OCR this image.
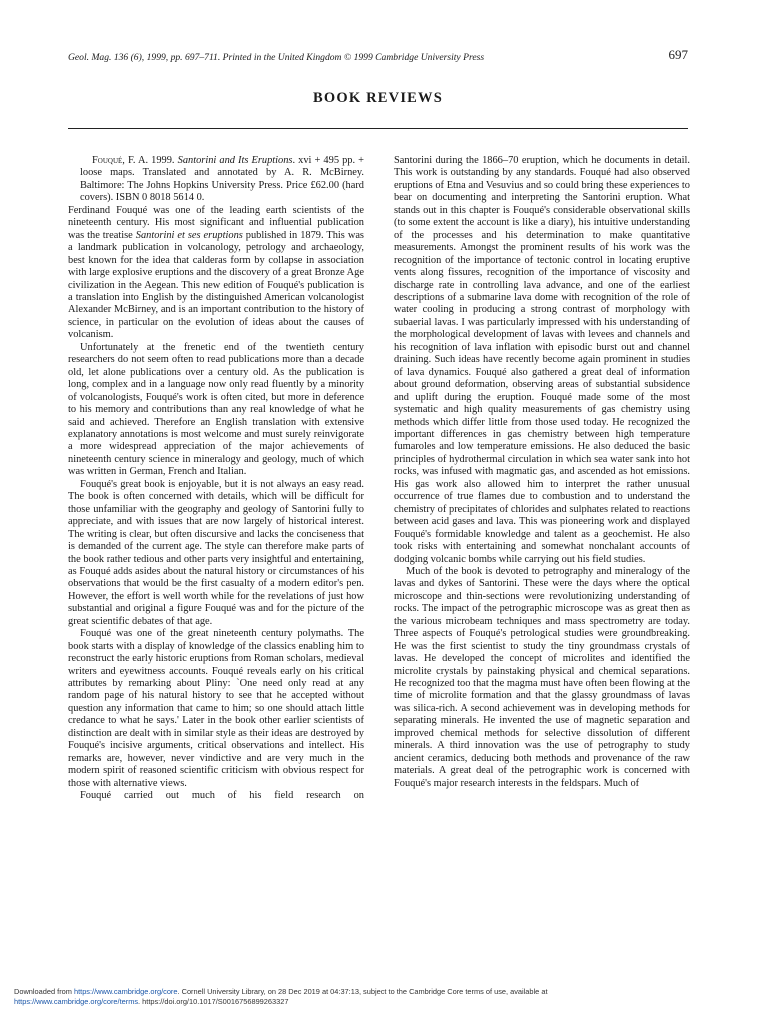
Geol. Mag. 136 (6), 1999, pp. 697–711. Printed in the United Kingdom © 1999 Cambridge University Press	697
BOOK REVIEWS

Fouqué, F. A. 1999. Santorini and Its Eruptions. xvi + 495 pp. + loose maps. Translated and annotated by A. R. McBirney. Baltimore: The Johns Hopkins University Press. Price £62.00 (hard covers). ISBN 0 8018 5614 0.

Ferdinand Fouqué was one of the leading earth scientists of the nineteenth century. His most significant and influential publication was the treatise Santorini et ses eruptions published in 1879. This was a landmark publication in volcanology, petrology and archaeology, best known for the idea that calderas form by collapse in association with large explosive eruptions and the discovery of a great Bronze Age civilization in the Aegean. This new edition of Fouqué's publication is a translation into English by the distinguished American volcanologist Alexander McBirney, and is an important contribution to the history of science, in particular on the evolution of ideas about the causes of volcanism.

Unfortunately at the frenetic end of the twentieth century researchers do not seem often to read publications more than a decade old, let alone publications over a century old. As the publication is long, complex and in a language now only read fluently by a minority of volcanologists, Fouqué's work is often cited, but more in deference to his memory and contributions than any real knowledge of what he said and achieved. Therefore an English translation with extensive explanatory annotations is most welcome and must surely reinvigorate a more widespread appreciation of the major achievements of nineteenth century science in mineralogy and geology, much of which was written in German, French and Italian.

Fouqué's great book is enjoyable, but it is not always an easy read. The book is often concerned with details, which will be difficult for those unfamiliar with the geography and geology of Santorini fully to appreciate, and with issues that are now largely of historical interest. The writing is clear, but often discursive and lacks the conciseness that is demanded of the current age. The style can therefore make parts of the book rather tedious and other parts very insightful and entertaining, as Fouqué adds asides about the natural history or circumstances of his observations that would be the first casualty of a modern editor's pen. However, the effort is well worth while for the revelations of just how substantial and original a figure Fouqué was and for the picture of the great scientific debates of that age.

Fouqué was one of the great nineteenth century polymaths. The book starts with a display of knowledge of the classics enabling him to reconstruct the early historic eruptions from Roman scholars, medieval writers and eyewitness accounts. Fouqué reveals early on his critical attributes by remarking about Pliny: `One need only read at any random page of his natural history to see that he accepted without question any information that came to him; so one should attach little credance to what he says.' Later in the book other earlier scientists of distinction are dealt with in similar style as their ideas are destroyed by Fouqué's incisive arguments, critical observations and intellect. His remarks are, however, never vindictive and are very much in the modern spirit of reasoned scientific criticism with obvious respect for those with alternative views.

Fouqué carried out much of his field research on

Santorini during the 1866–70 eruption, which he documents in detail. This work is outstanding by any standards. Fouqué had also observed eruptions of Etna and Vesuvius and so could bring these experiences to bear on documenting and interpreting the Santorini eruption. What stands out in this chapter is Fouqué's considerable observational skills (to some extent the account is like a diary), his intuitive understanding of the processes and his determination to make quantitative measurements. Amongst the prominent results of his work was the recognition of the importance of tectonic control in locating eruptive vents along fissures, recognition of the importance of viscosity and discharge rate in controlling lava advance, and one of the earliest descriptions of a submarine lava dome with recognition of the role of water cooling in producing a strong contrast of morphology with subaerial lavas. I was particularly impressed with his understanding of the morphological development of lavas with levees and channels and his recognition of lava inflation with episodic burst out and channel draining. Such ideas have recently become again prominent in studies of lava dynamics. Fouqué also gathered a great deal of information about ground deformation, observing areas of substantial subsidence and uplift during the eruption. Fouqué made some of the most systematic and high quality measurements of gas chemistry using methods which differ little from those used today. He recognized the important differences in gas chemistry between high temperature fumaroles and low temperature emissions. He also deduced the basic principles of hydrothermal circulation in which sea water sank into hot rocks, was infused with magmatic gas, and ascended as hot emissions. His gas work also allowed him to interpret the rather unusual occurrence of true flames due to combustion and to understand the chemistry of precipitates of chlorides and sulphates related to reactions between acid gases and lava. This was pioneering work and displayed Fouqué's formidable knowledge and talent as a geochemist. He also took risks with entertaining and somewhat nonchalant accounts of dodging volcanic bombs while carrying out his field studies.

Much of the book is devoted to petrography and mineralogy of the lavas and dykes of Santorini. These were the days where the optical microscope and thin-sections were revolutionizing understanding of rocks. The impact of the petrographic microscope was as great then as the various microbeam techniques and mass spectrometry are today. Three aspects of Fouqué's petrological studies were groundbreaking. He was the first scientist to study the tiny groundmass crystals of lavas. He developed the concept of microlites and identified the microlite crystals by painstaking physical and chemical separations. He recognized too that the magma must have often been flowing at the time of microlite formation and that the glassy groundmass of lavas was silica-rich. A second achievement was in developing methods for separating minerals. He invented the use of magnetic separation and improved chemical methods for selective dissolution of different minerals. A third innovation was the use of petrography to study ancient ceramics, deducing both methods and provenance of the raw materials. A great deal of the petrographic work is concerned with Fouqué's major research interests in the feldspars. Much of

Downloaded from https://www.cambridge.org/core. Cornell University Library, on 28 Dec 2019 at 04:37:13, subject to the Cambridge Core terms of use, available at
https://www.cambridge.org/core/terms. https://doi.org/10.1017/S0016756899263327
